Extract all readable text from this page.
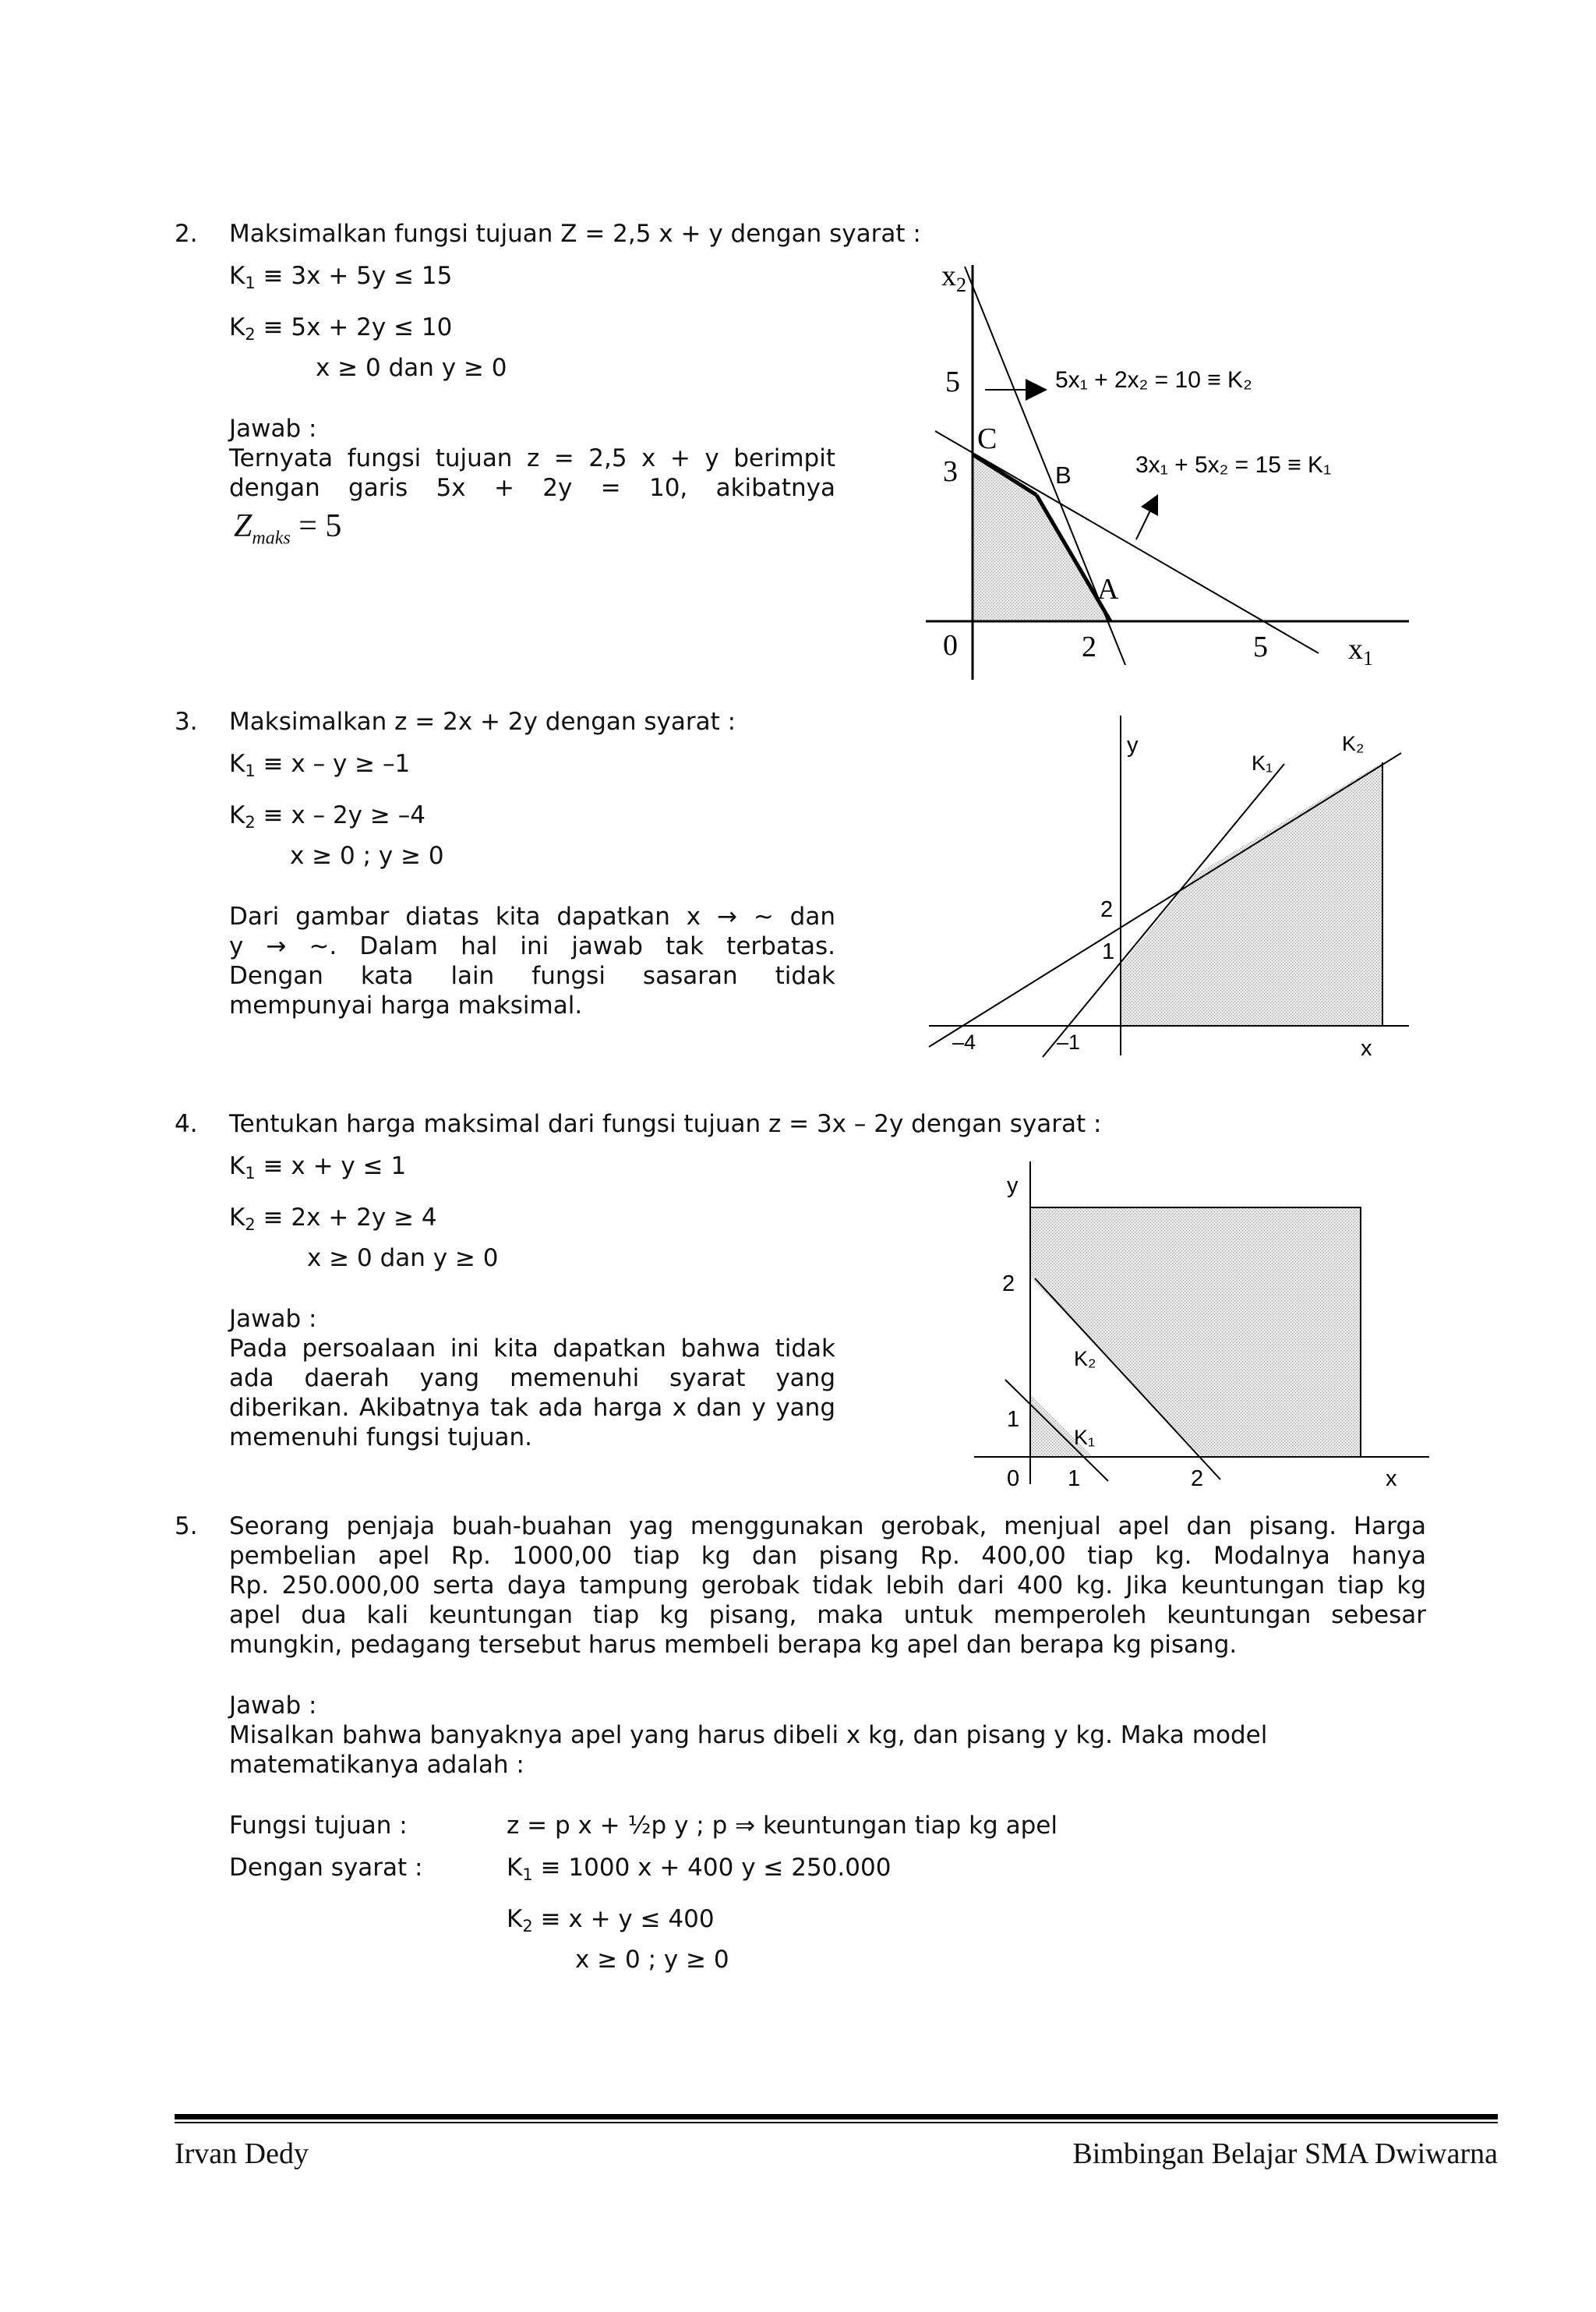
2. Maksimalkan fungsi tujuan Z = 2,5 x + y dengan syarat :
$K_1 \equiv 3x + 5y \le 15$
$K_2 \equiv 5x + 2y \le 10$
x ≥ 0 dan y ≥ 0
Jawab :
Ternyata fungsi tujuan z = 2,5 x + y berimpit
dengan garis 5x + 2y = 10, akibatnya
$Z_{maks} = 5$
$x_2$
$x_1$
5
3
0	2	5
C
B
A
5x₁ + 2x₂ = 10 ≡ K₂
3x₁ + 5x₂ = 15 ≡ K₁
3. Maksimalkan z = 2x + 2y dengan syarat :
$K_1 \equiv x - y \ge -1$
$K_2 \equiv x - 2y \ge -4$
x ≥ 0 ; y ≥ 0
Dari gambar diatas kita dapatkan x → ~ dan
y → ~. Dalam hal ini jawab tak terbatas.
Dengan kata lain fungsi sasaran tidak
mempunyai harga maksimal.
y
x
K₁
K₂
2
1
–1
–4
4. Tentukan harga maksimal dari fungsi tujuan z = 3x – 2y dengan syarat :
$K_1 \equiv x + y \le 1$
$K_2 \equiv 2x + 2y \ge 4$
x ≥ 0 dan y ≥ 0
Jawab :
Pada persoalaan ini kita dapatkan bahwa tidak
ada daerah yang memenuhi syarat yang
diberikan. Akibatnya tak ada harga x dan y yang
memenuhi fungsi tujuan.
y
x
2
1
0 1	2
K₂
K₁
5. Seorang penjaja buah-buahan yag menggunakan gerobak, menjual apel dan pisang. Harga
pembelian apel Rp. 1000,00 tiap kg dan pisang Rp. 400,00 tiap kg. Modalnya hanya
Rp. 250.000,00 serta daya tampung gerobak tidak lebih dari 400 kg. Jika keuntungan tiap kg
apel dua kali keuntungan tiap kg pisang, maka untuk memperoleh keuntungan sebesar
mungkin, pedagang tersebut harus membeli berapa kg apel dan berapa kg pisang.
Jawab :
Misalkan bahwa banyaknya apel yang harus dibeli x kg, dan pisang y kg. Maka model
matematikanya adalah :
Fungsi tujuan :	z = p x + ½p y ; p ⇒ keuntungan tiap kg apel
Dengan syarat :	$K_1 \equiv 1000$ x + 400 y ≤ 250.000
$K_2 \equiv x + y \le 400$
x ≥ 0 ; y ≥ 0
Irvan Dedy	Bimbingan Belajar SMA Dwiwarna
